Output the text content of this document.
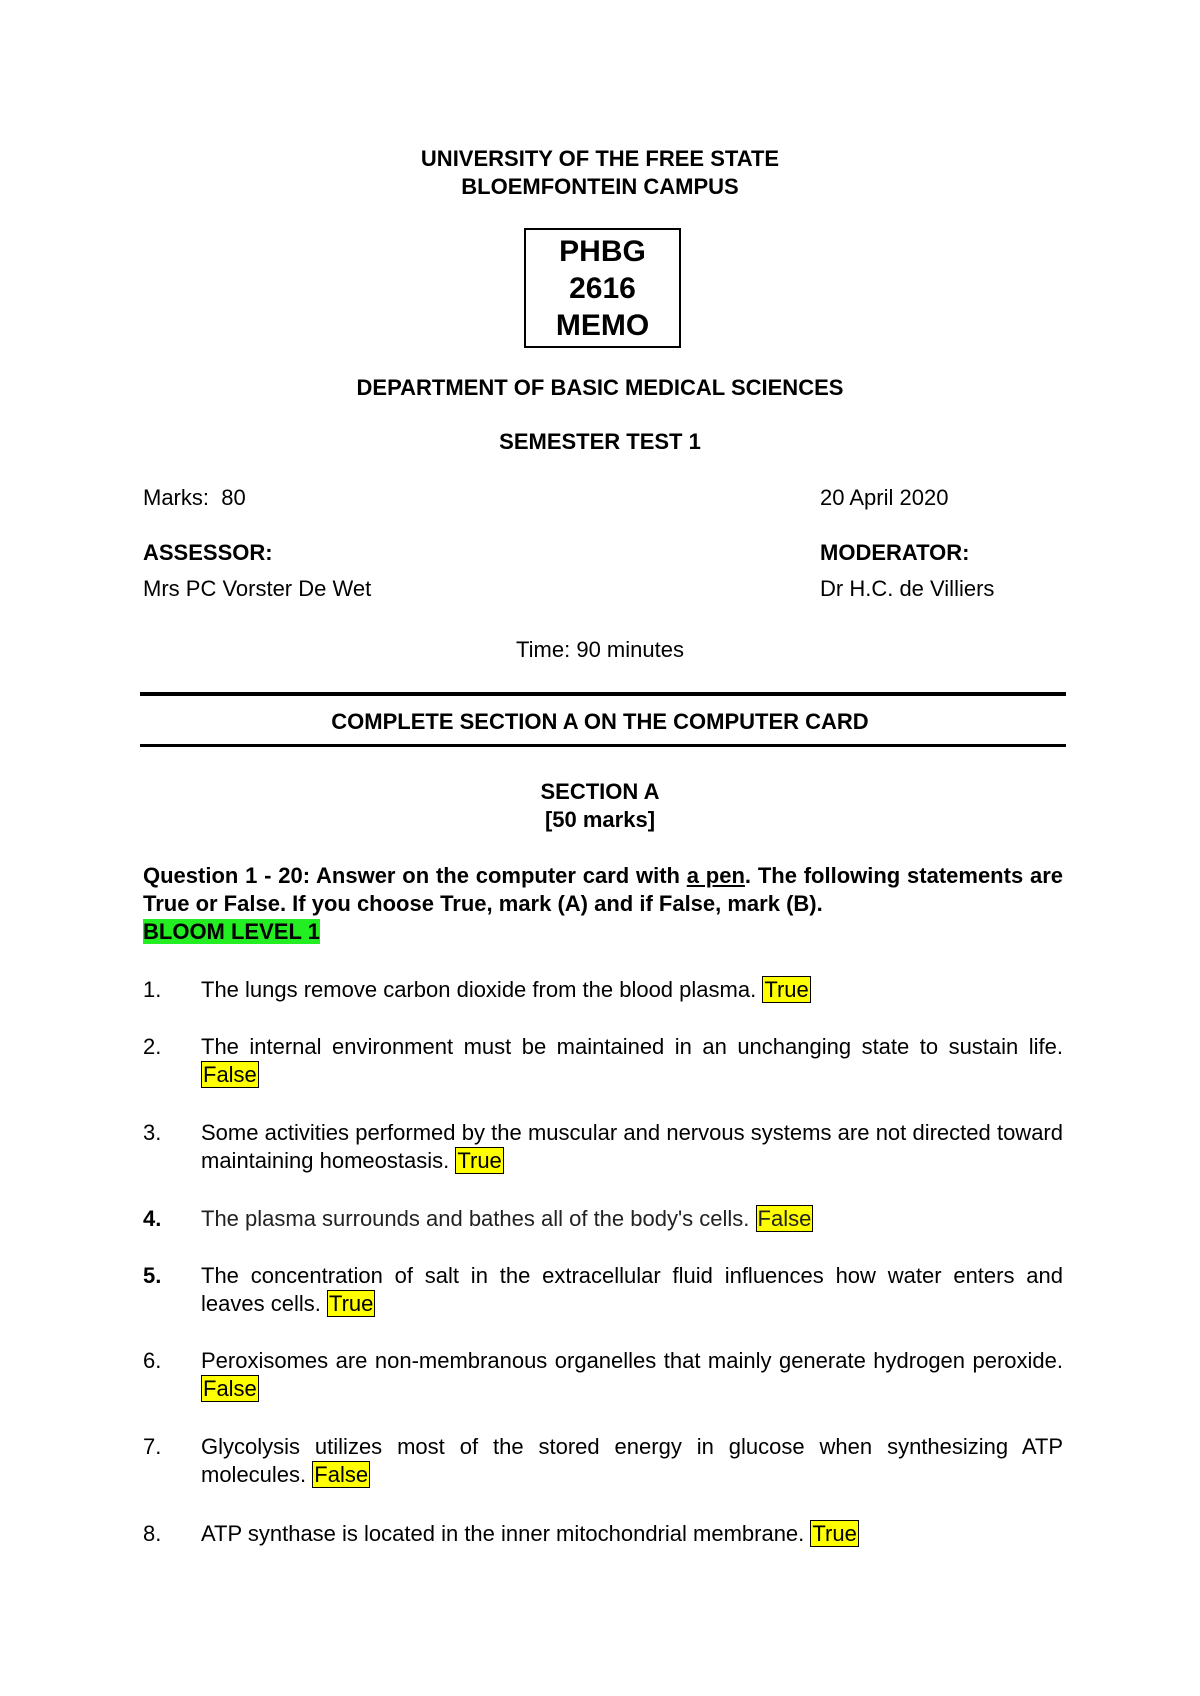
UNIVERSITY OF THE FREE STATE
BLOEMFONTEIN CAMPUS
PHBG
2616
MEMO
DEPARTMENT OF BASIC MEDICAL SCIENCES
SEMESTER TEST 1
Marks: 80	20 April 2020
ASSESSOR:	MODERATOR:
Mrs PC Vorster De Wet	Dr H.C. de Villiers
Time: 90 minutes
COMPLETE SECTION A ON THE COMPUTER CARD
SECTION A
[50 marks]
Question 1 - 20: Answer on the computer card with a pen. The following statements are True or False. If you choose True, mark (A) and if False, mark (B).
BLOOM LEVEL 1
1.	The lungs remove carbon dioxide from the blood plasma. True
2.	The internal environment must be maintained in an unchanging state to sustain life. False
3.	Some activities performed by the muscular and nervous systems are not directed toward maintaining homeostasis. True
4.	The plasma surrounds and bathes all of the body's cells. False
5.	The concentration of salt in the extracellular fluid influences how water enters and leaves cells. True
6.	Peroxisomes are non-membranous organelles that mainly generate hydrogen peroxide. False
7.	Glycolysis utilizes most of the stored energy in glucose when synthesizing ATP molecules. False
8.	ATP synthase is located in the inner mitochondrial membrane. True
